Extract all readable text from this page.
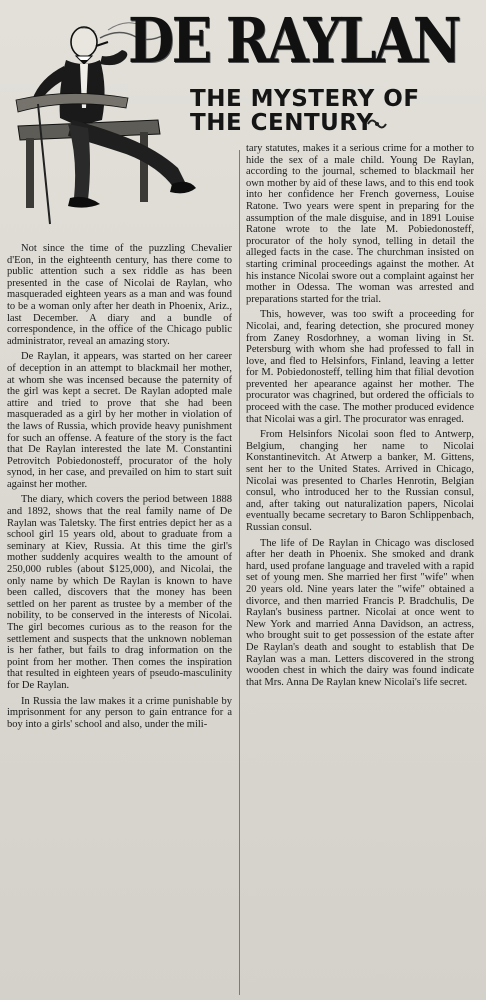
DE RAYLAN
THE MYSTERY OF
THE CENTURY

Not since the time of the puzzling Chevalier d'Eon, in the eighteenth century, has there come to public attention such a sex riddle as has been presented in the case of Nicolai de Raylan, who masqueraded eighteen years as a man and was found to be a woman only after her death in Phoenix, Ariz., last December. A diary and a bundle of correspondence, in the office of the Chicago public administrator, reveal an amazing story.

De Raylan, it appears, was started on her career of deception in an attempt to blackmail her mother, at whom she was incensed because the paternity of the girl was kept a secret. De Raylan adopted male attire and tried to prove that she had been masqueraded as a girl by her mother in violation of the laws of Russia, which provide heavy punishment for such an offense. A feature of the story is the fact that De Raylan interested the late M. Constantini Petrovitch Pobiedonosteff, procurator of the holy synod, in her case, and prevailed on him to start suit against her mother.

The diary, which covers the period between 1888 and 1892, shows that the real family name of De Raylan was Taletsky. The first entries depict her as a school girl 15 years old, about to graduate from a seminary at Kiev, Russia. At this time the girl's mother suddenly acquires wealth to the amount of 250,000 rubles (about $125,000), and Nicolai, the only name by which De Raylan is known to have been called, discovers that the money has been settled on her parent as trustee by a member of the nobility, to be conserved in the interests of Nicolai. The girl becomes curious as to the reason for the settlement and suspects that the unknown nobleman is her father, but fails to drag information on the point from her mother. Then comes the inspiration that resulted in eighteen years of pseudo-masculinity for De Raylan.

In Russia the law makes it a crime punishable by imprisonment for any person to gain entrance for a boy into a girls' school and also, under the mili-

tary statutes, makes it a serious crime for a mother to hide the sex of a male child. Young De Raylan, according to the journal, schemed to blackmail her own mother by aid of these laws, and to this end took into her confidence her French governess, Louise Ratone. Two years were spent in preparing for the assumption of the male disguise, and in 1891 Louise Ratone wrote to the late M. Pobiedonosteff, procurator of the holy synod, telling in detail the alleged facts in the case. The churchman insisted on starting criminal proceedings against the mother. At his instance Nicolai swore out a complaint against her mother in Odessa. The woman was arrested and preparations started for the trial.

This, however, was too swift a proceeding for Nicolai, and, fearing detection, she procured money from Zaney Rosdorhney, a woman living in St. Petersburg with whom she had professed to fall in love, and fled to Helsinfors, Finland, leaving a letter for M. Pobiedonosteff, telling him that filial devotion prevented her apearance against her mother. The procurator was chagrined, but ordered the officials to proceed with the case. The mother produced evidence that Nicolai was a girl. The procurator was enraged.

From Helsinfors Nicolai soon fled to Antwerp, Belgium, changing her name to Nicolai Konstantinevitch. At Atwerp a banker, M. Gittens, sent her to the United States. Arrived in Chicago, Nicolai was presented to Charles Henrotin, Belgian consul, who introduced her to the Russian consul, and, after taking out naturalization papers, Nicolai eventually became secretary to Baron Schlippenbach, Russian consul.

The life of De Raylan in Chicago was disclosed after her death in Phoenix. She smoked and drank hard, used profane language and traveled with a rapid set of young men. She married her first "wife" when 20 years old. Nine years later the "wife" obtained a divorce, and then married Francis P. Bradchulis, De Raylan's business partner. Nicolai at once went to New York and married Anna Davidson, an actress, who brought suit to get possession of the estate after De Raylan's death and sought to establish that De Raylan was a man. Letters discovered in the strong wooden chest in which the dairy was found indicate that Mrs. Anna De Raylan knew Nicolai's life secret.
